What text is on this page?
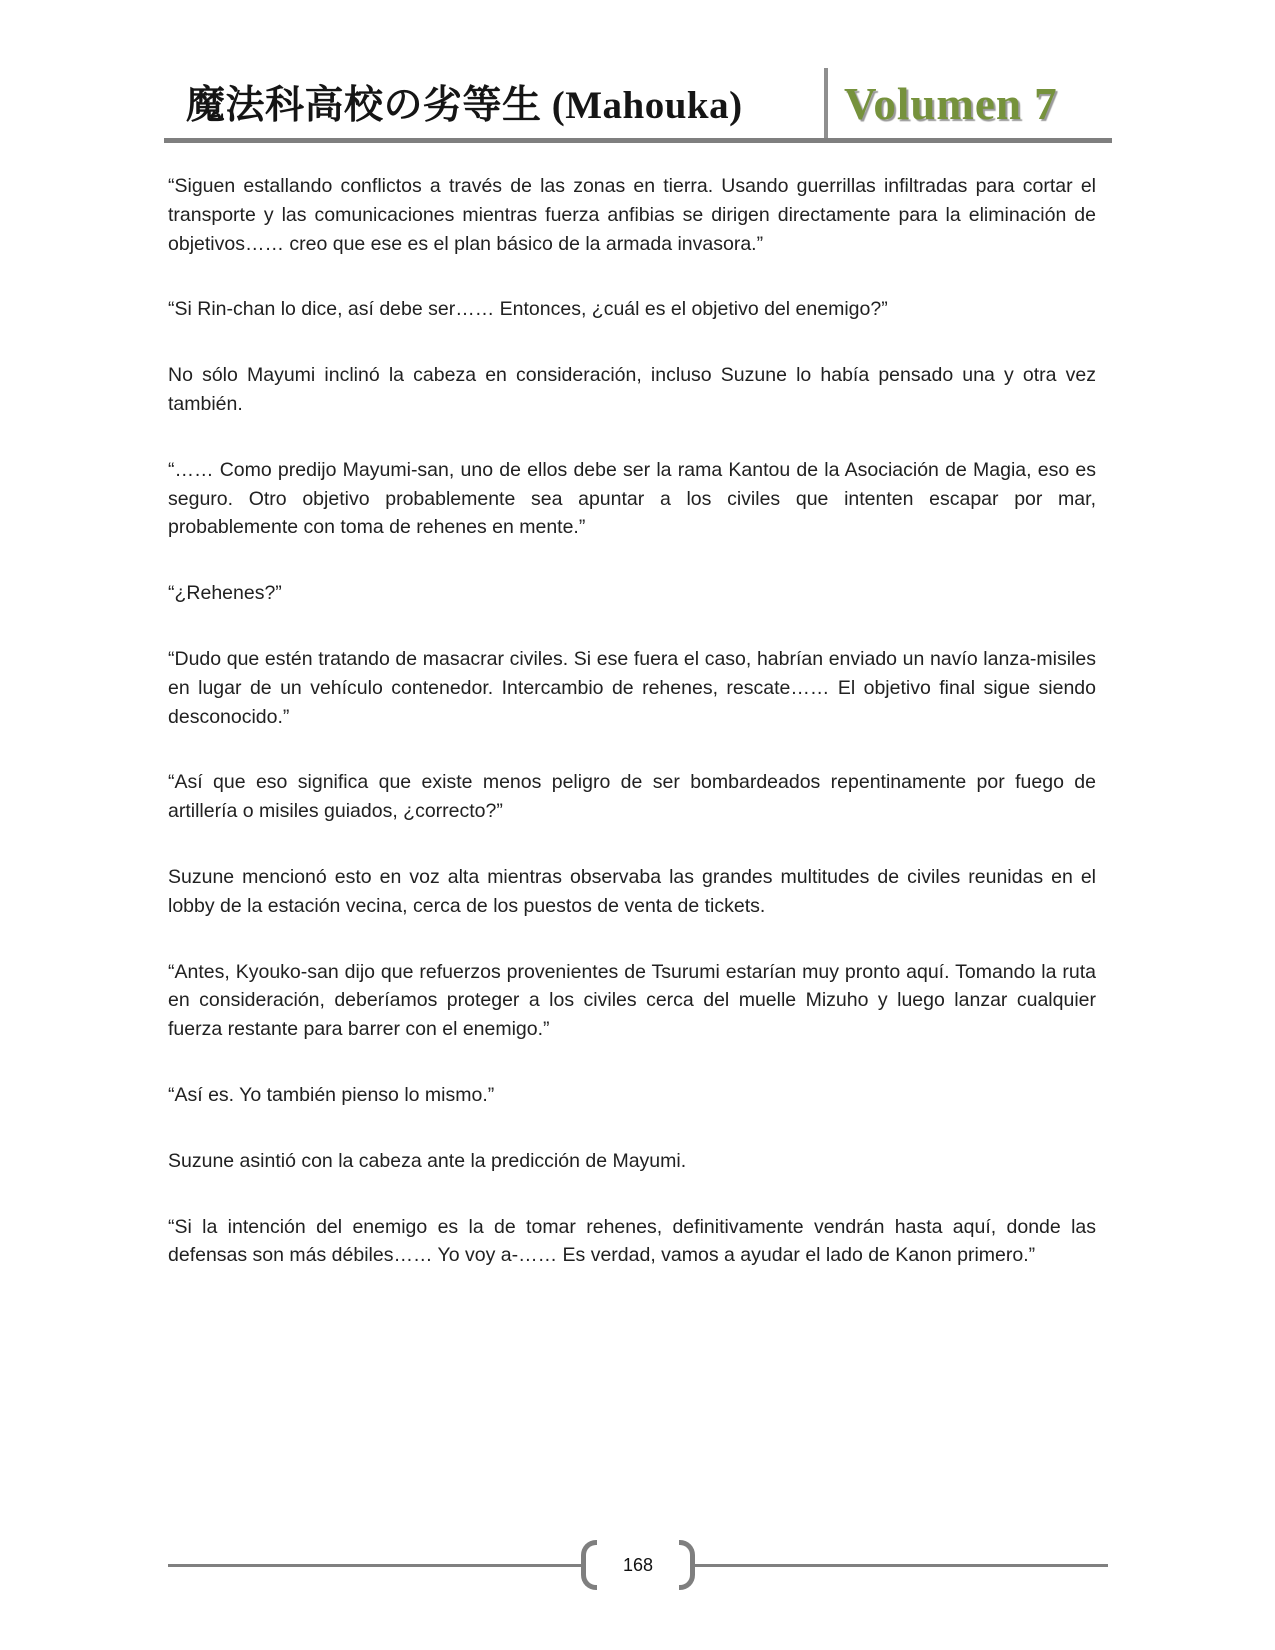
魔法科高校の劣等生 (Mahouka)	Volumen 7

“Siguen estallando conflictos a través de las zonas en tierra. Usando guerrillas infiltradas para cortar el transporte y las comunicaciones mientras fuerza anfibias se dirigen directamente para la eliminación de objetivos…… creo que ese es el plan básico de la armada invasora.”

“Si Rin-chan lo dice, así debe ser…… Entonces, ¿cuál es el objetivo del enemigo?”

No sólo Mayumi inclinó la cabeza en consideración, incluso Suzune lo había pensado una y otra vez también.

“…… Como predijo Mayumi-san, uno de ellos debe ser la rama Kantou de la Asociación de Magia, eso es seguro. Otro objetivo probablemente sea apuntar a los civiles que intenten escapar por mar, probablemente con toma de rehenes en mente.”

“¿Rehenes?”

“Dudo que estén tratando de masacrar civiles. Si ese fuera el caso, habrían enviado un navío lanza-misiles en lugar de un vehículo contenedor. Intercambio de rehenes, rescate…… El objetivo final sigue siendo desconocido.”

“Así que eso significa que existe menos peligro de ser bombardeados repentinamente por fuego de artillería o misiles guiados, ¿correcto?”

Suzune mencionó esto en voz alta mientras observaba las grandes multitudes de civiles reunidas en el lobby de la estación vecina, cerca de los puestos de venta de tickets.

“Antes, Kyouko-san dijo que refuerzos provenientes de Tsurumi estarían muy pronto aquí. Tomando la ruta en consideración, deberíamos proteger a los civiles cerca del muelle Mizuho y luego lanzar cualquier fuerza restante para barrer con el enemigo.”

“Así es. Yo también pienso lo mismo.”

Suzune asintió con la cabeza ante la predicción de Mayumi.

“Si la intención del enemigo es la de tomar rehenes, definitivamente vendrán hasta aquí, donde las defensas son más débiles…… Yo voy a-…… Es verdad, vamos a ayudar el lado de Kanon primero.”

168
